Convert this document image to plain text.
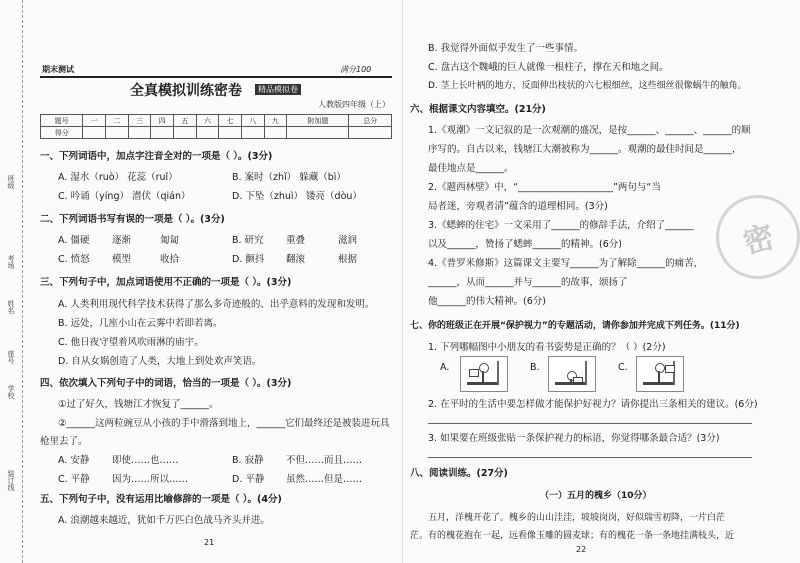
班级
考场
姓名
座号
学校
装订线
期末测试	满分100
全真模拟训练密卷	精品模拟卷
人教版四年级（上）
题号	一	二	三	四	五	六	七	八	九	附加题	总分
得分											
一、下列词语中，加点字注音全对的一项是（ ）。(3分)
A. 湿水（ruò） 花蕊（ruǐ）	B. 案时（zhǐ） 躲藏（bì）
C. 吟诵（yíng） 潜伏（qián）	D. 下坠（zhuì） 镂亮（dòu）
二、下列词语书写有误的一项是（ ）。(3分)
A. 僵硬 逐渐	匍匐	B. 研究 重叠	滋润
C. 愤怒 模型	收拾	D. 颤抖 翻滚	根据
三、下列句子中，加点词语使用不正确的一项是（ ）。(3分)
A. 人类利用现代科学技术获得了那么多奇迹般的、出乎意料的发现和发明。
B. 远处，几座小山在云雾中若即若离。
C. 他日夜守望着风吹雨淋的庙宇。
D. 自从女娲创造了人类，大地上到处欢声笑语。
四、依次填入下列句子中的词语，恰当的一项是（ ）。(3分)
①过了好久，钱塘江才恢复了______。
②______这两粒豌豆从小孩的手中滑落到地上，______它们最终还是被装进玩具
枪里去了。
A. 安静 即使……也……	B. 寂静 不但……而且……
C. 平静 因为……所以……	D. 平静 虽然……但是……
五、下列句子中，没有运用比喻修辞的一项是（ ）。(4分)
A. 浪潮越来越近，犹如千万匹白色战马齐头并进。
21
B. 我觉得外面似乎发生了一些事情。
C. 盘古这个魏峨的巨人就像一根柱子，撑在天和地之间。
D. 茎上长叶柄的地方，反面伸出枝状的六七根细丝，这些细丝很像蜗牛的触角。
六、根据课文内容填空。(21分)
1.《观潮》一文记叙的是一次观潮的盛况，是按______、______、______的顺
序写的。自古以来，钱塘江大潮被称为______。观潮的最佳时间是______，
最佳地点是______。
2.《题西林壁》中，“____________________”两句与“当
局者迷，旁观者清”蕴含的道理相同。(3分)
3.《蟋蟀的住宅》一文采用了______的修辞手法，介绍了______
以及______，赞扬了蟋蟀______的精神。(6分)
4.《普罗米修斯》这篇课文主要写______为了解除______的痛苦，
______，从而______并与______的故事，颂扬了
他______的伟大精神。(6分)
密
七、你的班级正在开展“保护视力”的专题活动，请你参加并完成下列任务。(11分)
1. 下列哪幅图中小朋友的看书姿势是正确的？（ ）(2分)
A.	B.	C.
2. 在平时的生活中要怎样做才能保护好视力？请你提出三条相关的建议。(6分)
3. 如果要在班级张贴一条保护视力的标语，你觉得哪条最合适？(3分)
八、阅读训练。(27分)
（一）五月的槐乡（10分）
五月，洋槐开花了。槐乡的山山洼洼，坡坡岗岗，好似瑞雪初降，一片白茫
茫。有的槐花抱在一起，远看像玉雕的圆麦球；有的槐花一条一条地挂满枝头，近
22
